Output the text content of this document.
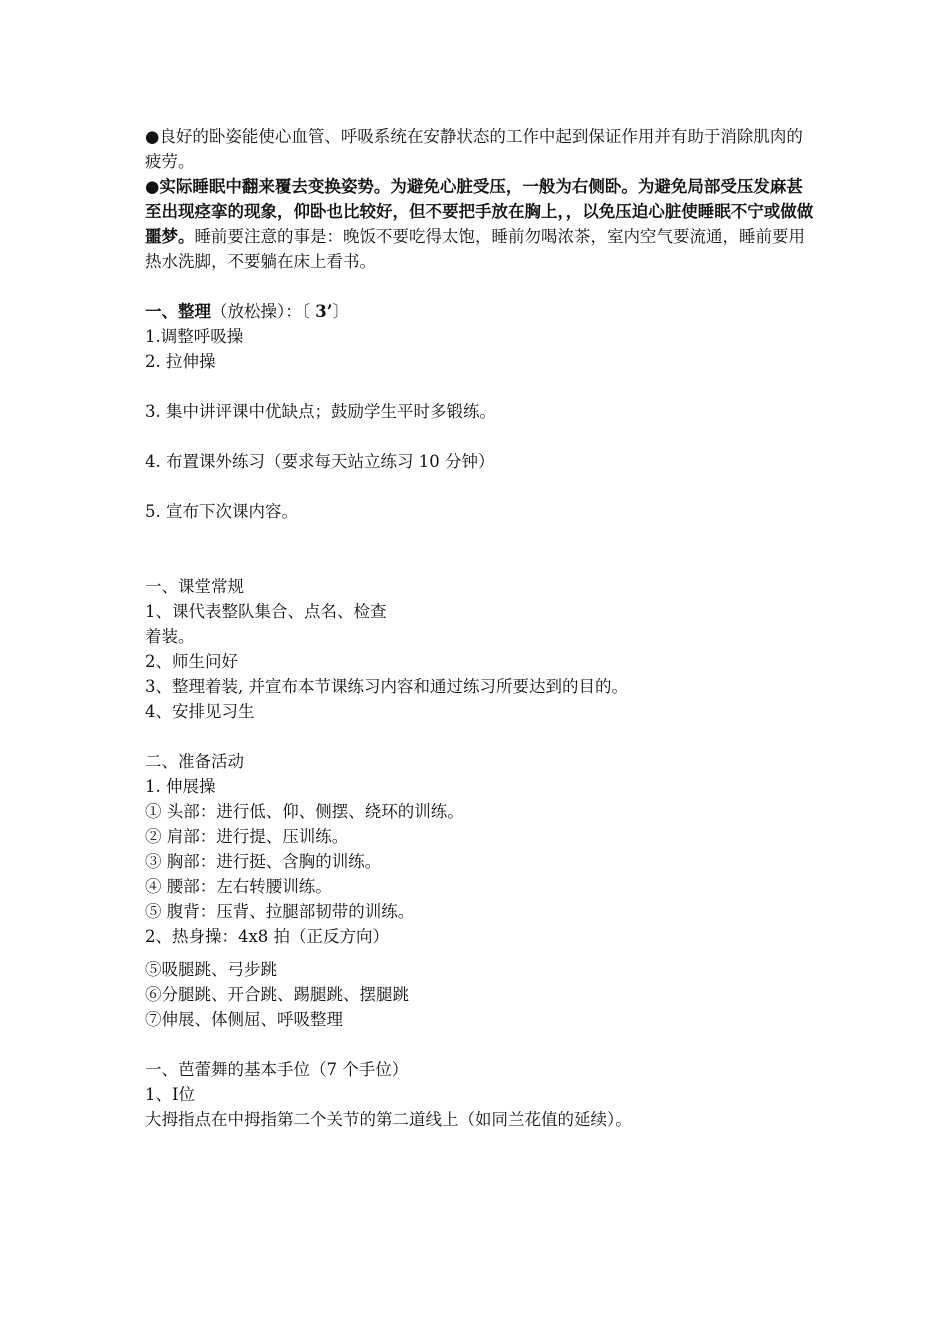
●良好的卧姿能使心血管、呼吸系统在安静状态的工作中起到保证作用并有助于消除肌肉的疲劳。

●实际睡眠中翻来覆去变换姿势。为避免心脏受压，一般为右侧卧。为避免局部受压发麻甚至出现痉挛的现象，仰卧也比较好，但不要把手放在胸上，，以免压迫心脏使睡眠不宁或做做噩梦。睡前要注意的事是：晚饭不要吃得太饱，睡前勿喝浓茶，室内空气要流通，睡前要用热水洗脚，不要躺在床上看书。

一、整理（放松操）：〔 3’〕

1.调整呼吸操

2. 拉伸操

3. 集中讲评课中优缺点；鼓励学生平时多锻练。

4. 布置课外练习（要求每天站立练习 10 分钟）

5. 宣布下次课内容。

一、课堂常规

1、课代表整队集合、点名、检查

着装。

2、师生问好

3、整理着装, 并宣布本节课练习内容和通过练习所要达到的目的。

4、安排见习生

二、准备活动

1. 伸展操

① 头部：进行低、仰、侧摆、绕环的训练。

② 肩部：进行提、压训练。

③ 胸部：进行挺、含胸的训练。

④ 腰部：左右转腰训练。

⑤ 腹背：压背、拉腿部韧带的训练。

2、热身操：4x8 拍（正反方向）

⑤吸腿跳、弓步跳

⑥分腿跳、开合跳、踢腿跳、摆腿跳

⑦伸展、体侧屈、呼吸整理

一、芭蕾舞的基本手位（7 个手位）

1、Ⅰ位

大拇指点在中拇指第二个关节的第二道线上（如同兰花值的延续）。
